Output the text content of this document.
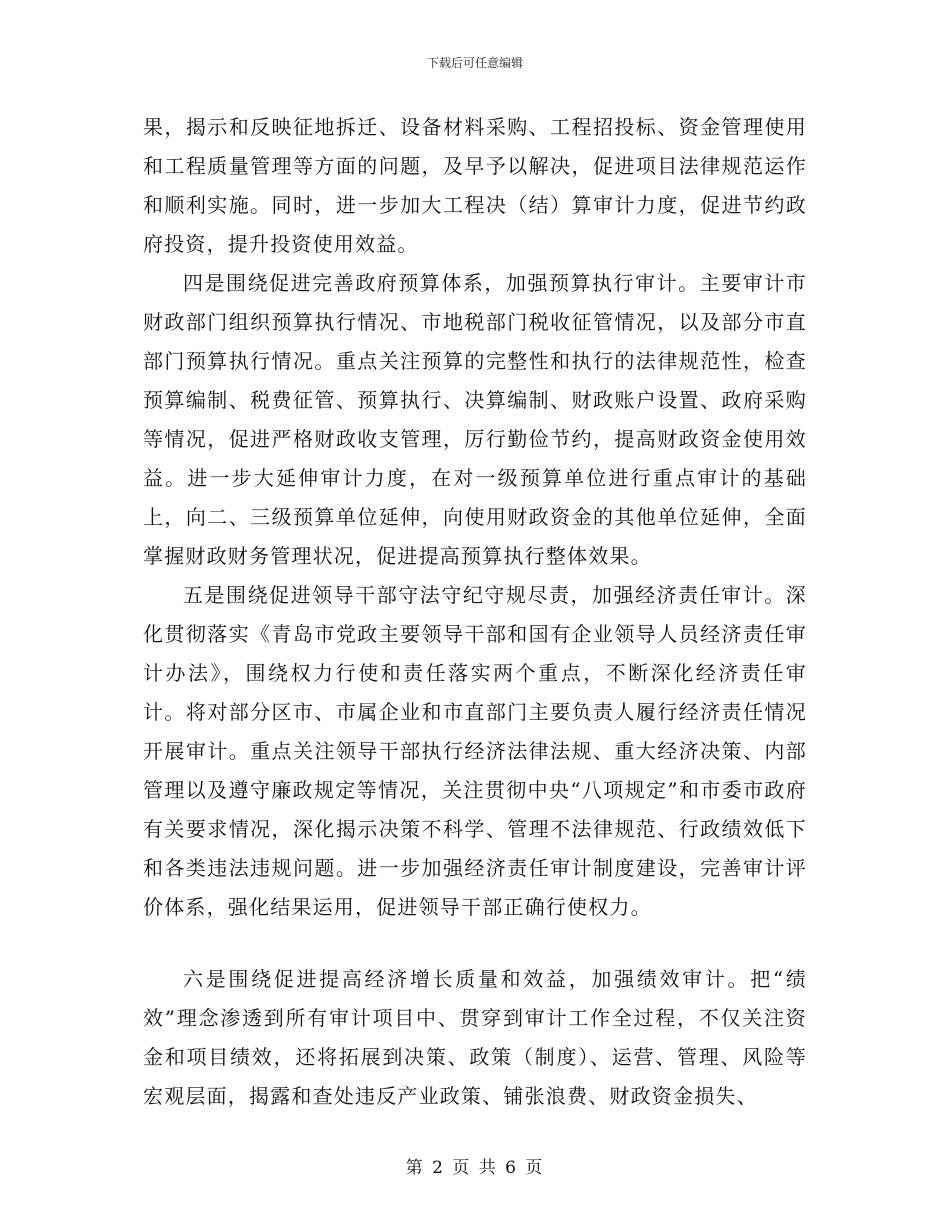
下载后可任意编辑

果，揭示和反映征地拆迁、设备材料采购、工程招投标、资金管理使用和工程质量管理等方面的问题，及早予以解决，促进项目法律规范运作和顺利实施。同时，进一步加大工程决（结）算审计力度，促进节约政府投资，提升投资使用效益。

四是围绕促进完善政府预算体系，加强预算执行审计。主要审计市财政部门组织预算执行情况、市地税部门税收征管情况，以及部分市直部门预算执行情况。重点关注预算的完整性和执行的法律规范性，检查预算编制、税费征管、预算执行、决算编制、财政账户设置、政府采购等情况，促进严格财政收支管理，厉行勤俭节约，提高财政资金使用效益。进一步大延伸审计力度，在对一级预算单位进行重点审计的基础上，向二、三级预算单位延伸，向使用财政资金的其他单位延伸，全面掌握财政财务管理状况，促进提高预算执行整体效果。

五是围绕促进领导干部守法守纪守规尽责，加强经济责任审计。深化贯彻落实《青岛市党政主要领导干部和国有企业领导人员经济责任审计办法》，围绕权力行使和责任落实两个重点，不断深化经济责任审计。将对部分区市、市属企业和市直部门主要负责人履行经济责任情况开展审计。重点关注领导干部执行经济法律法规、重大经济决策、内部管理以及遵守廉政规定等情况，关注贯彻中央“八项规定”和市委市政府有关要求情况，深化揭示决策不科学、管理不法律规范、行政绩效低下和各类违法违规问题。进一步加强经济责任审计制度建设，完善审计评价体系，强化结果运用，促进领导干部正确行使权力。

六是围绕促进提高经济增长质量和效益，加强绩效审计。把“绩效”理念渗透到所有审计项目中、贯穿到审计工作全过程，不仅关注资金和项目绩效，还将拓展到决策、政策（制度）、运营、管理、风险等宏观层面，揭露和查处违反产业政策、铺张浪费、财政资金损失、

第 2 页 共 6 页
